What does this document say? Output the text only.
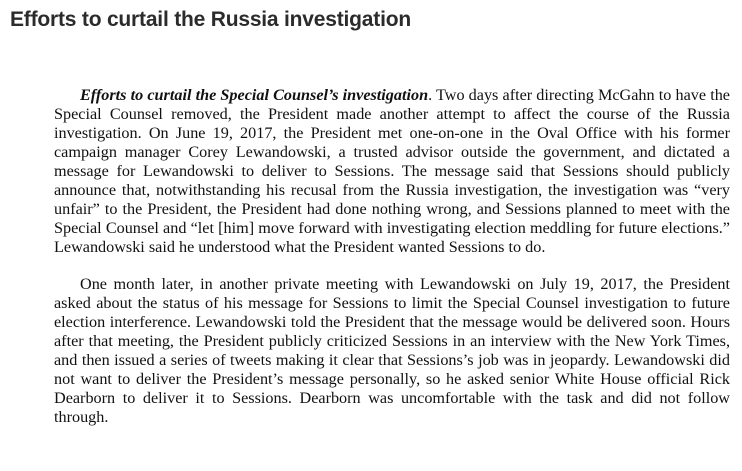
Efforts to curtail the Russia investigation

Efforts to curtail the Special Counsel’s investigation. Two days after directing McGahn to have the Special Counsel removed, the President made another attempt to affect the course of the Russia investigation. On June 19, 2017, the President met one-on-one in the Oval Office with his former campaign manager Corey Lewandowski, a trusted advisor outside the government, and dictated a message for Lewandowski to deliver to Sessions. The message said that Sessions should publicly announce that, notwithstanding his recusal from the Russia investigation, the investigation was “very unfair” to the President, the President had done nothing wrong, and Sessions planned to meet with the Special Counsel and “let [him] move forward with investigating election meddling for future elections.” Lewandowski said he understood what the President wanted Sessions to do.

One month later, in another private meeting with Lewandowski on July 19, 2017, the President asked about the status of his message for Sessions to limit the Special Counsel investigation to future election interference. Lewandowski told the President that the message would be delivered soon. Hours after that meeting, the President publicly criticized Sessions in an interview with the New York Times, and then issued a series of tweets making it clear that Sessions’s job was in jeopardy. Lewandowski did not want to deliver the President’s message personally, so he asked senior White House official Rick Dearborn to deliver it to Sessions. Dearborn was uncomfortable with the task and did not follow through.
